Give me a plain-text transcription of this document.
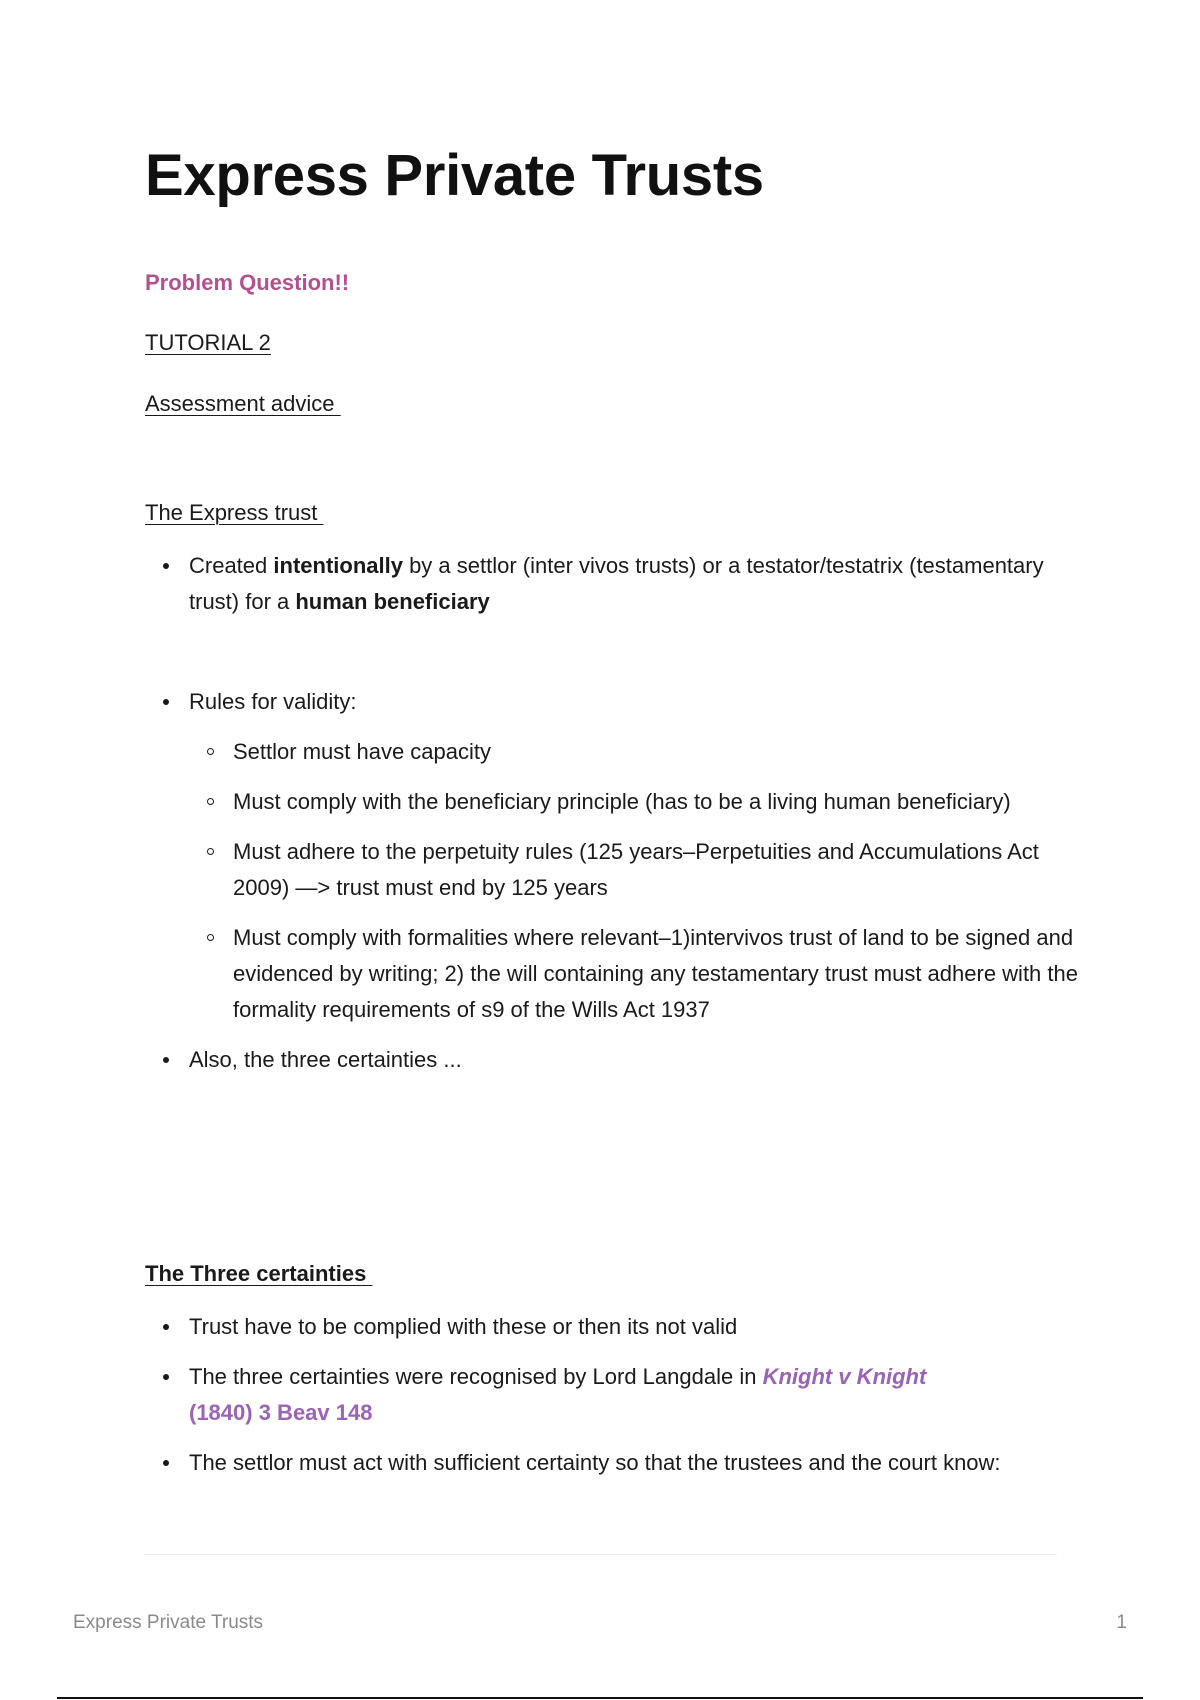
Express Private Trusts
Problem Question!!
TUTORIAL 2
Assessment advice
The Express trust
Created intentionally by a settlor (inter vivos trusts) or a testator/testatrix (testamentary trust) for a human beneficiary
Rules for validity:
Settlor must have capacity
Must comply with the beneficiary principle (has to be a living human beneficiary)
Must adhere to the perpetuity rules (125 years–Perpetuities and Accumulations Act 2009) —> trust must end by 125 years
Must comply with formalities where relevant–1)intervivos trust of land to be signed and
evidenced by writing; 2) the will containing any testamentary trust must adhere with the
formality requirements of s9 of the Wills Act 1937
Also, the three certainties ...
The Three certainties
Trust have to be complied with these or then its not valid
The three certainties were recognised by Lord Langdale in Knight v Knight
(1840) 3 Beav 148
The settlor must act with sufficient certainty so that the trustees and the court know:
Express Private Trusts	1
